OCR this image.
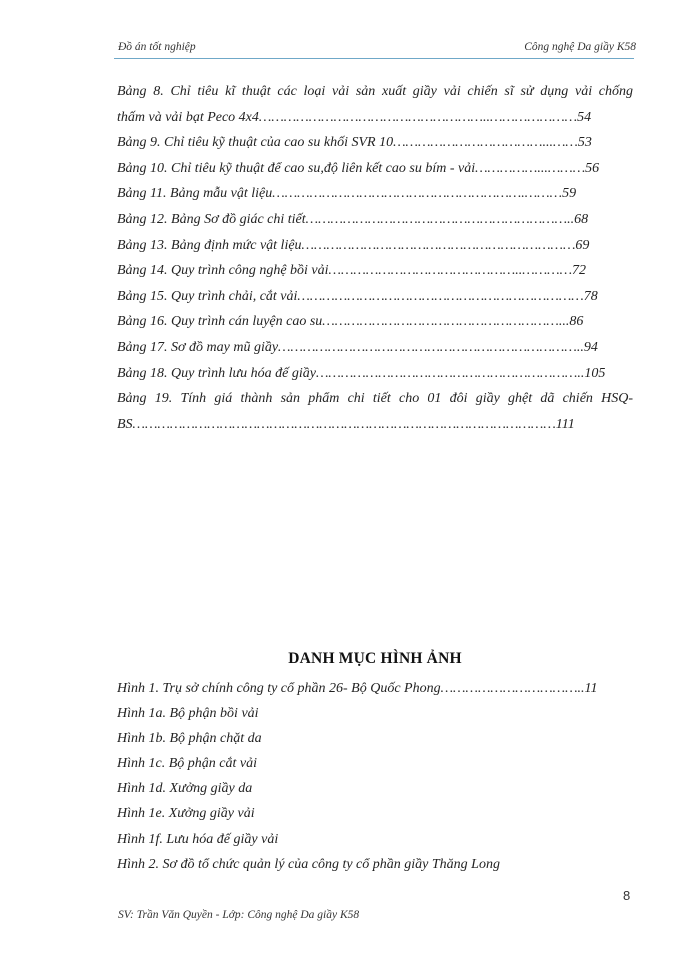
Đồ án tốt nghiệp	Công nghệ Da giầy K58

Bảng 8. Chỉ tiêu kĩ thuật các loại vải sản xuất giầy vải chiến sĩ sử dụng vải chống

thấm và vải bạt Peco 4x4………………………………………………..…………………54

Bảng 9. Chỉ tiêu kỹ thuật của cao su khối SVR 10………………………………...……53

Bảng 10. Chỉ tiêu kỹ thuật để cao su,độ liên kết cao su bím - vải……………...………56

Bảng 11. Bảng mẫu vật liệu…………………………………………………….………59

Bảng 12. Bảng Sơ đồ giác chi tiết………………………………………………………..68

Bảng 13. Bảng định mức vật liệu…………………………………………………………69

Bảng 14. Quy trình công nghệ bồi vải………………………………………..…………72

Bảng 15. Quy trình chải, cắt vải……………………………………………………………78

Bảng 16. Quy trình cán luyện cao su…………………………………………………...86

Bảng 17. Sơ đồ may mũ giầy………………………………………………………………..94

Bảng 18. Quy trình lưu hóa đế giầy………………………………………………………..105

Bảng 19. Tính giá thành sản phẩm chi tiết cho 01 đôi giầy ghệt dã chiến HSQ-

BS…………………………………………………………………………………………111

DANH MỤC HÌNH ẢNH

Hình 1. Trụ sở chính công ty cổ phần 26- Bộ Quốc Phong……………………………..11

Hình 1a. Bộ phận bồi vải

Hình 1b. Bộ phận chặt da

Hình 1c. Bộ phận cắt vải

Hình 1d. Xưởng giầy da

Hình 1e. Xưởng giầy vải

Hình 1f. Lưu hóa đế giầy vải

Hình 2. Sơ đồ tổ chức quản lý của công ty cổ phần giầy Thăng Long

8
SV: Trần Văn Quyền - Lớp: Công nghệ Da giầy K58
